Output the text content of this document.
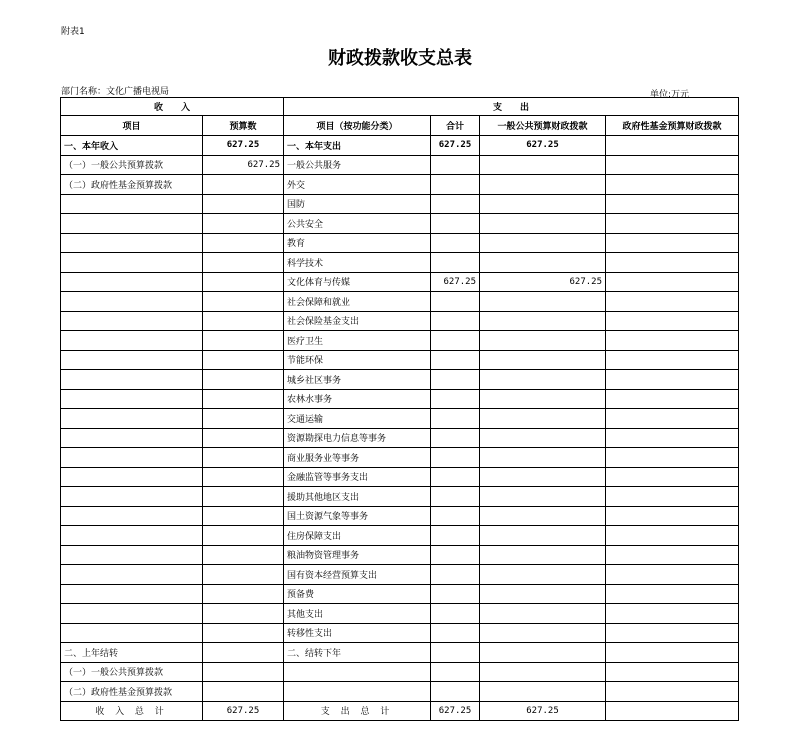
附表1
财政拨款收支总表
部门名称：文化广播电视局	单位:万元
收　　入		支　　出			
项目	预算数	项目（按功能分类）	合计	一般公共预算财政拨款	政府性基金预算财政拨款
一、本年收入	627.25	一、本年支出	627.25	627.25	
（一）一般公共预算拨款	627.25	一般公共服务			
（二）政府性基金预算拨款		外交			
		国防			
		公共安全			
		教育			
		科学技术			
		文化体育与传媒	627.25	627.25	
		社会保障和就业			
		社会保险基金支出			
		医疗卫生			
		节能环保			
		城乡社区事务			
		农林水事务			
		交通运输			
		资源勘探电力信息等事务			
		商业服务业等事务			
		金融监管等事务支出			
		援助其他地区支出			
		国土资源气象等事务			
		住房保障支出			
		粮油物资管理事务			
		国有资本经营预算支出			
		预备费			
		其他支出			
		转移性支出			
二、上年结转		二、结转下年			
（一）一般公共预算拨款					
（二）政府性基金预算拨款					
收 入 总 计	627.25	支 出 总 计	627.25	627.25	
